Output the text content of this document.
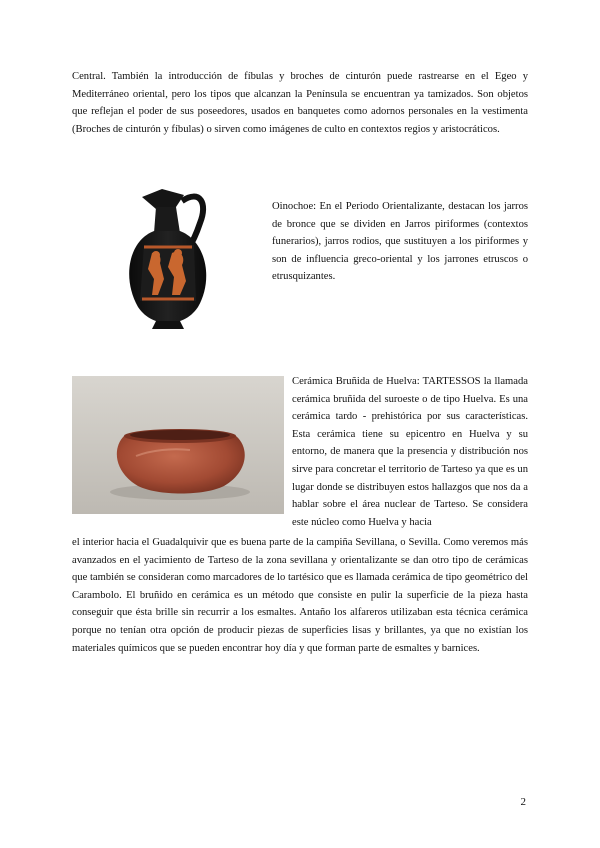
Central. También la introducción de fíbulas y broches de cinturón puede rastrearse en el Egeo y Mediterráneo oriental, pero los tipos que alcanzan la Península se encuentran ya tamizados. Son objetos que reflejan el poder de sus poseedores, usados en banquetes como adornos personales en la vestimenta (Broches de cinturón y fíbulas) o sirven como imágenes de culto en contextos regios y aristocráticos.

Oinochoe: En el Periodo Orientalizante, destacan los jarros de bronce que se dividen en Jarros piriformes (contextos funerarios), jarros rodios, que sustituyen a los piriformes y son de influencia greco-oriental y los jarrones etruscos o etrusquizantes.

Cerámica Bruñida de Huelva: TARTESSOS la llamada cerámica bruñida del suroeste o de tipo Huelva. Es una cerámica tardo - prehistórica por sus características. Esta cerámica tiene su epicentro en Huelva y su entorno, de manera que la presencia y distribución nos sirve para concretar el territorio de Tarteso ya que es un lugar donde se distribuyen estos hallazgos que nos da a hablar sobre el área nuclear de Tarteso. Se considera este núcleo como Huelva y hacia

el interior hacia el Guadalquivir que es buena parte de la campiña Sevillana, o Sevilla. Como veremos más avanzados en el yacimiento de Tarteso de la zona sevillana y orientalizante se dan otro tipo de cerámicas que también se consideran como marcadores de lo tartésico que es llamada cerámica de tipo geométrico del Carambolo. El bruñido en cerámica es un método que consiste en pulir la superficie de la pieza hasta conseguir que ésta brille sin recurrir a los esmaltes. Antaño los alfareros utilizaban esta técnica cerámica porque no tenían otra opción de producir piezas de superficies lisas y brillantes, ya que no existían los materiales químicos que se pueden encontrar hoy día y que forman parte de esmaltes y barnices.

2
